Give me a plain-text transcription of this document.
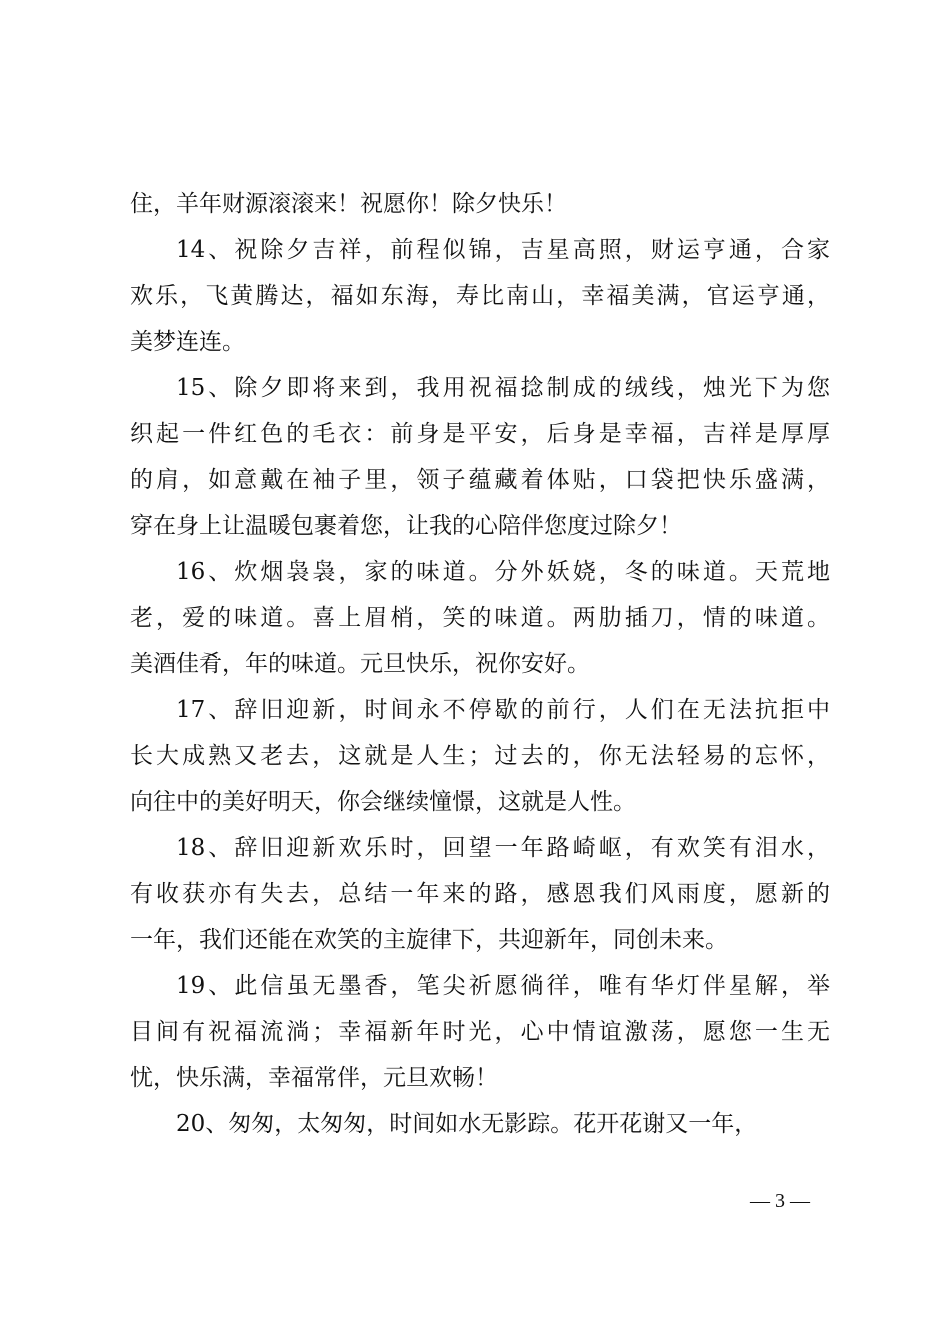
住，羊年财源滚滚来！祝愿你！除夕快乐！
14、祝除夕吉祥，前程似锦，吉星高照，财运亨通，合家
欢乐，飞黄腾达，福如东海，寿比南山，幸福美满，官运亨通，
美梦连连。
15、除夕即将来到，我用祝福捻制成的绒线，烛光下为您
织起一件红色的毛衣：前身是平安，后身是幸福，吉祥是厚厚
的肩，如意戴在袖子里，领子蕴藏着体贴，口袋把快乐盛满，
穿在身上让温暖包裹着您，让我的心陪伴您度过除夕！
16、炊烟袅袅，家的味道。分外妖娆，冬的味道。天荒地
老，爱的味道。喜上眉梢，笑的味道。两肋插刀，情的味道。
美酒佳肴，年的味道。元旦快乐，祝你安好。
17、辞旧迎新，时间永不停歇的前行，人们在无法抗拒中
长大成熟又老去，这就是人生；过去的，你无法轻易的忘怀，
向往中的美好明天，你会继续憧憬，这就是人性。
18、辞旧迎新欢乐时，回望一年路崎岖，有欢笑有泪水，
有收获亦有失去，总结一年来的路，感恩我们风雨度，愿新的
一年，我们还能在欢笑的主旋律下，共迎新年，同创未来。
19、此信虽无墨香，笔尖祈愿徜徉，唯有华灯伴星解，举
目间有祝福流淌；幸福新年时光，心中情谊激荡，愿您一生无
忧，快乐满，幸福常伴，元旦欢畅！
20、匆匆，太匆匆，时间如水无影踪。花开花谢又一年，
— 3 —
